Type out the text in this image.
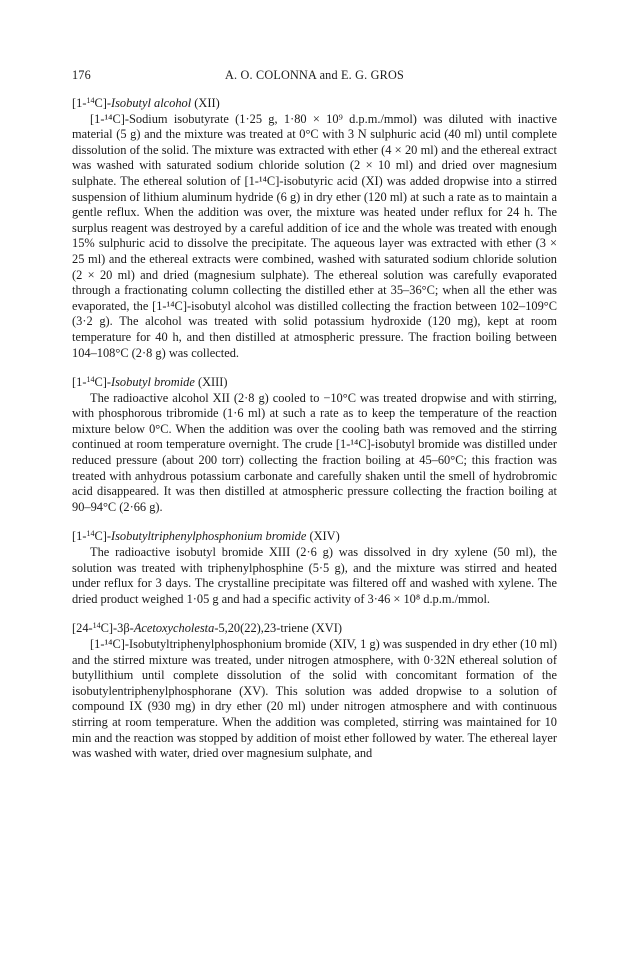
176	A. O. COLONNA and E. G. GROS

[1-$^{14}$C]-Isobutyl alcohol (XII)

[1-¹⁴C]-Sodium isobutyrate (1·25 g, 1·80 × 10⁹ d.p.m./mmol) was diluted with inactive material (5 g) and the mixture was treated at 0°C with 3 N sulphuric acid (40 ml) until complete dissolution of the solid. The mixture was extracted with ether (4 × 20 ml) and the ethereal extract was washed with saturated sodium chloride solution (2 × 10 ml) and dried over magnesium sulphate. The ethereal solution of [1-¹⁴C]-isobutyric acid (XI) was added dropwise into a stirred suspension of lithium aluminum hydride (6 g) in dry ether (120 ml) at such a rate as to maintain a gentle reflux. When the addition was over, the mixture was heated under reflux for 24 h. The surplus reagent was destroyed by a careful addition of ice and the whole was treated with enough 15% sulphuric acid to dissolve the precipitate. The aqueous layer was extracted with ether (3 × 25 ml) and the ethereal extracts were combined, washed with saturated sodium chloride solution (2 × 20 ml) and dried (magnesium sulphate). The ethereal solution was carefully evaporated through a fractionating column collecting the distilled ether at 35–36°C; when all the ether was evaporated, the [1-¹⁴C]-isobutyl alcohol was distilled collecting the fraction between 102–109°C (3·2 g). The alcohol was treated with solid potassium hydroxide (120 mg), kept at room temperature for 40 h, and then distilled at atmospheric pressure. The fraction boiling between 104–108°C (2·8 g) was collected.

[1-$^{14}$C]-Isobutyl bromide (XIII)

The radioactive alcohol XII (2·8 g) cooled to −10°C was treated dropwise and with stirring, with phosphorous tribromide (1·6 ml) at such a rate as to keep the temperature of the reaction mixture below 0°C. When the addition was over the cooling bath was removed and the stirring continued at room temperature overnight. The crude [1-¹⁴C]-isobutyl bromide was distilled under reduced pressure (about 200 torr) collecting the fraction boiling at 45–60°C; this fraction was treated with anhydrous potassium carbonate and carefully shaken until the smell of hydrobromic acid disappeared. It was then distilled at atmospheric pressure collecting the fraction boiling at 90–94°C (2·66 g).

[1-$^{14}$C]-Isobutyltriphenylphosphonium bromide (XIV)

The radioactive isobutyl bromide XIII (2·6 g) was dissolved in dry xylene (50 ml), the solution was treated with triphenylphosphine (5·5 g), and the mixture was stirred and heated under reflux for 3 days. The crystalline precipitate was filtered off and washed with xylene. The dried product weighed 1·05 g and had a specific activity of 3·46 × 10⁸ d.p.m./mmol.

[24-$^{14}$C]-3β-Acetoxycholesta-5,20(22),23-triene (XVI)

[1-¹⁴C]-Isobutyltriphenylphosphonium bromide (XIV, 1 g) was suspended in dry ether (10 ml) and the stirred mixture was treated, under nitrogen atmosphere, with 0·32N ethereal solution of butyllithium until complete dissolution of the solid with concomitant formation of the isobutylentriphenylphosphorane (XV). This solution was added dropwise to a solution of compound IX (930 mg) in dry ether (20 ml) under nitrogen atmosphere and with continuous stirring at room temperature. When the addition was completed, stirring was maintained for 10 min and the reaction was stopped by addition of moist ether followed by water. The ethereal layer was washed with water, dried over magnesium sulphate, and
